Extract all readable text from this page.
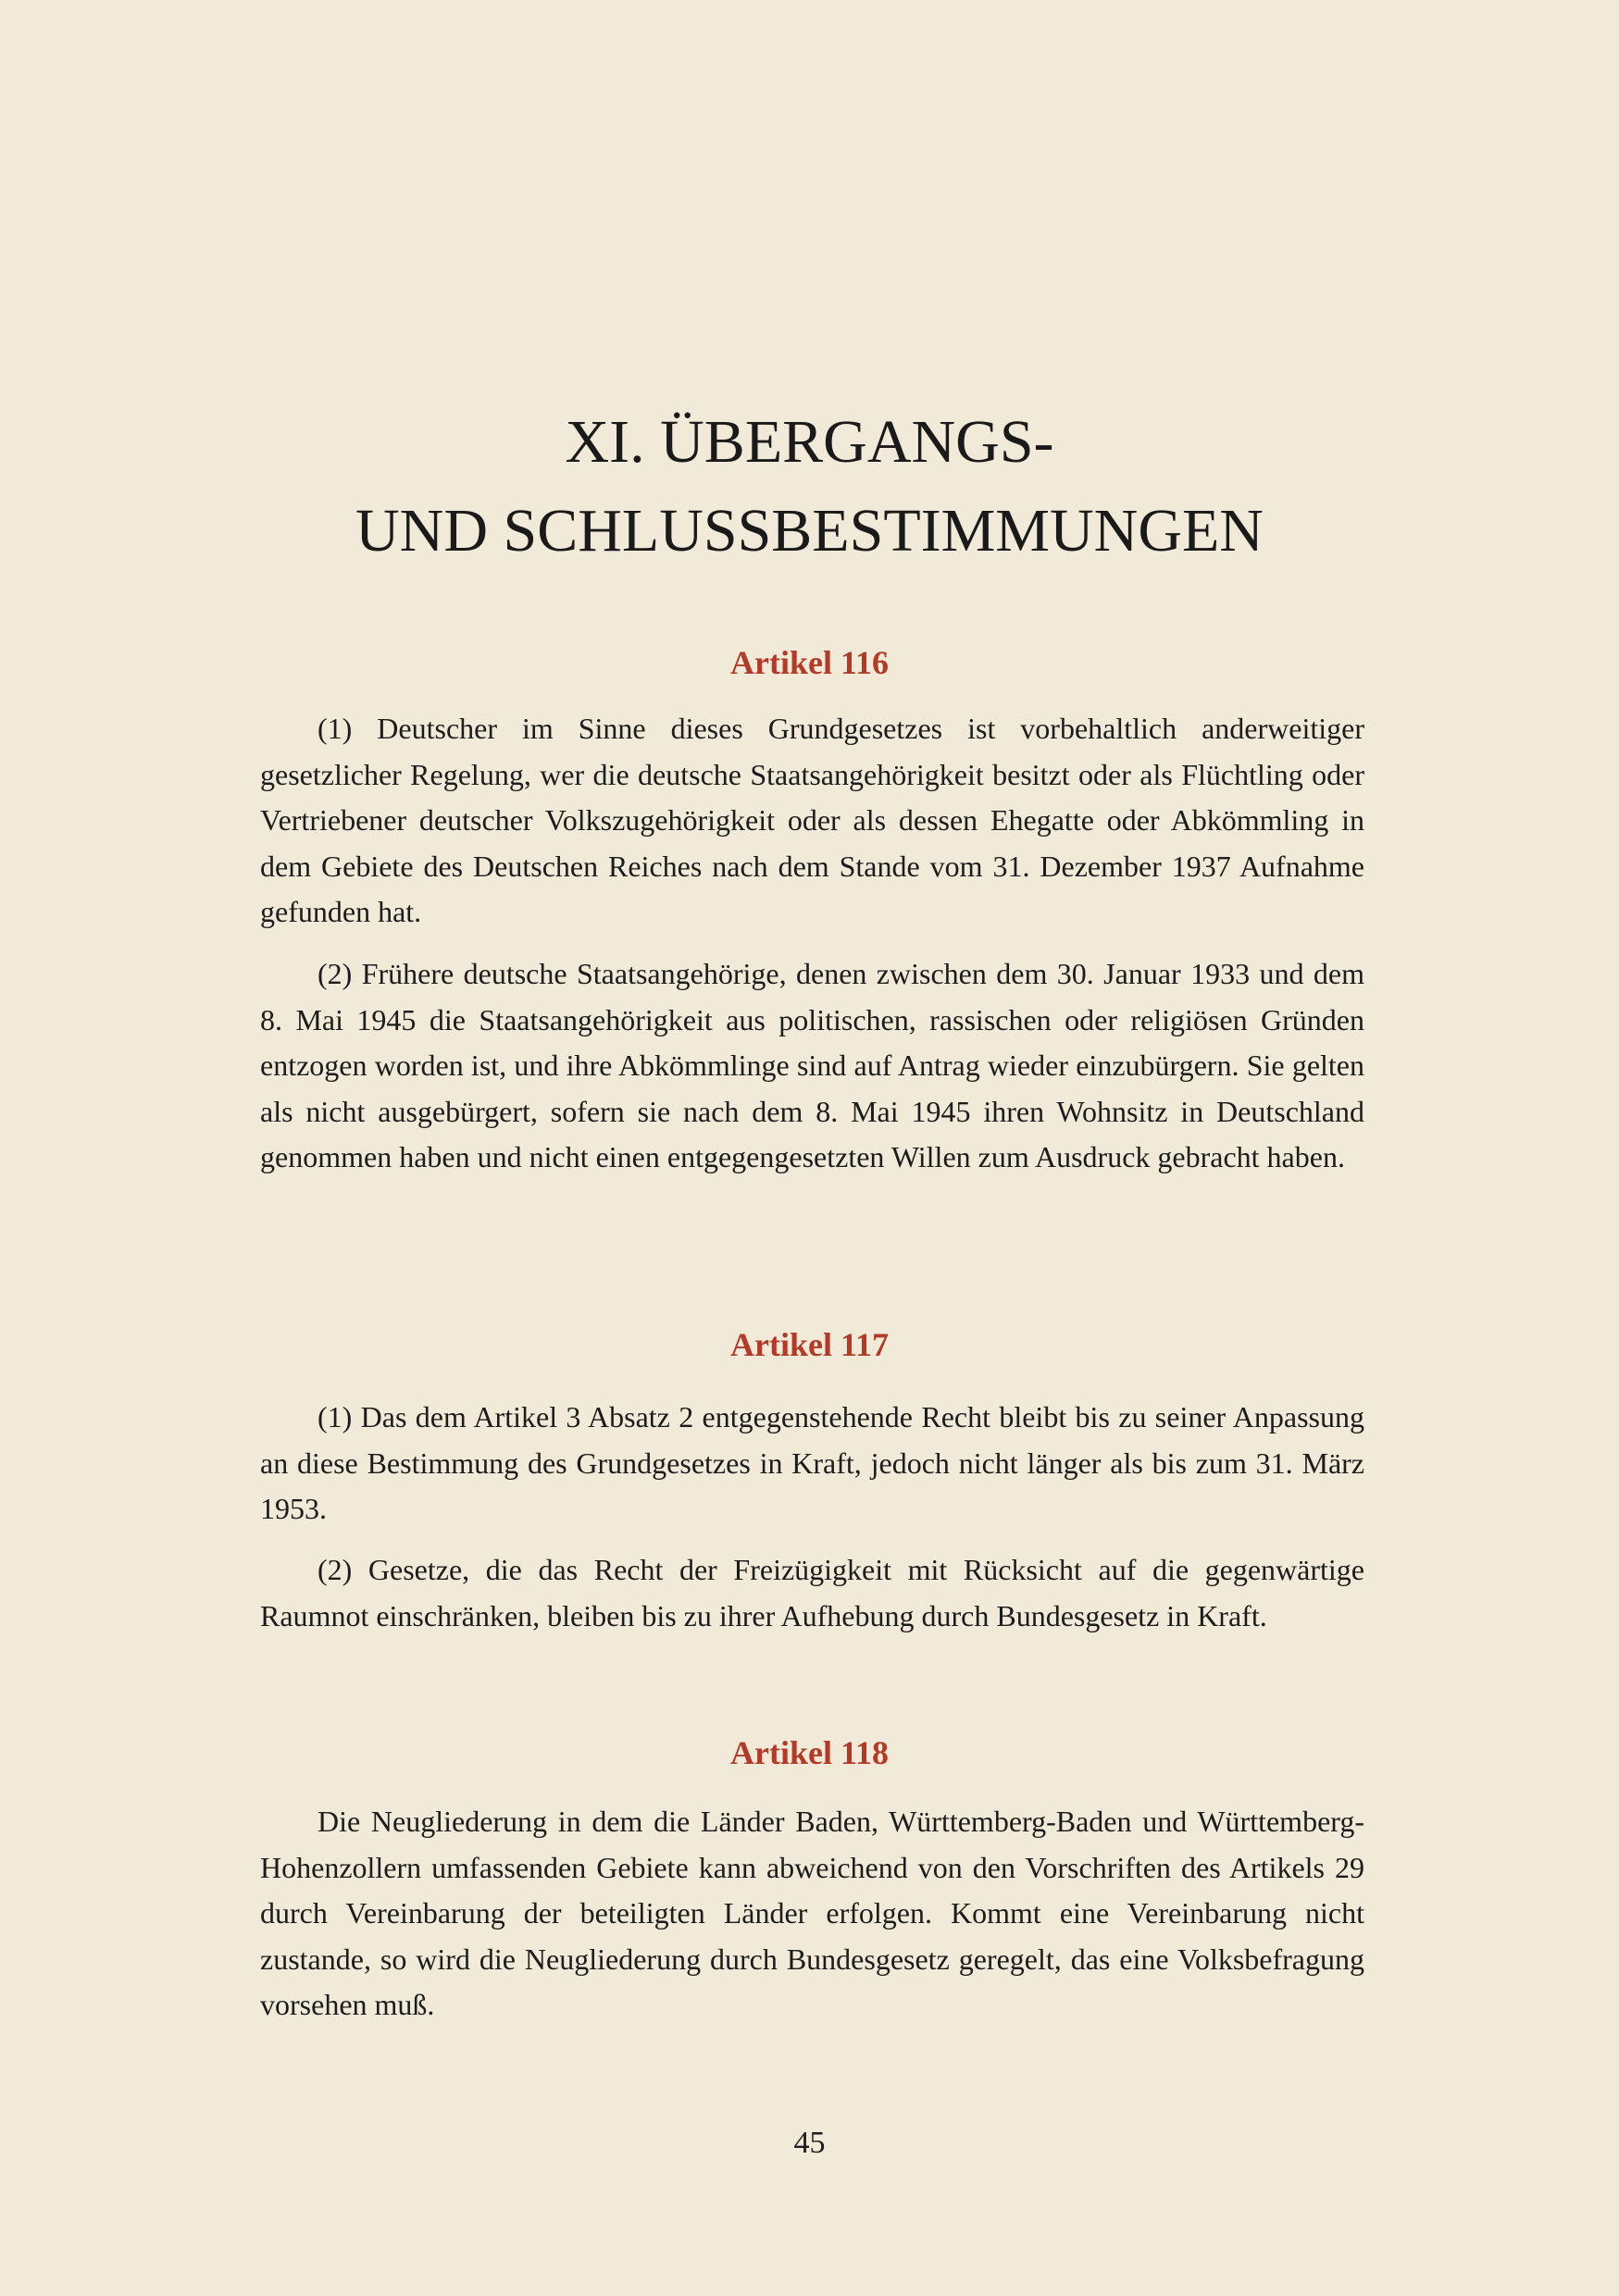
XI. ÜBERGANGS-
UND SCHLUSSBESTIMMUNGEN
Artikel 116

(1) Deutscher im Sinne dieses Grundgesetzes ist vorbehaltlich anderweitiger gesetzlicher Regelung, wer die deutsche Staatsangehörigkeit besitzt oder als Flüchtling oder Vertriebener deutscher Volkszugehörigkeit oder als dessen Ehegatte oder Abkömmling in dem Gebiete des Deutschen Reiches nach dem Stande vom 31. Dezember 1937 Aufnahme gefunden hat.

(2) Frühere deutsche Staatsangehörige, denen zwischen dem 30. Januar 1933 und dem 8. Mai 1945 die Staatsangehörigkeit aus politischen, rassischen oder religiösen Gründen entzogen worden ist, und ihre Abkömmlinge sind auf Antrag wieder einzubürgern. Sie gelten als nicht ausgebürgert, sofern sie nach dem 8. Mai 1945 ihren Wohnsitz in Deutschland genommen haben und nicht einen entgegengesetzten Willen zum Ausdruck gebracht haben.

Artikel 117

(1) Das dem Artikel 3 Absatz 2 entgegenstehende Recht bleibt bis zu seiner Anpassung an diese Bestimmung des Grundgesetzes in Kraft, jedoch nicht länger als bis zum 31. März 1953.

(2) Gesetze, die das Recht der Freizügigkeit mit Rücksicht auf die gegenwärtige Raumnot einschränken, bleiben bis zu ihrer Aufhebung durch Bundesgesetz in Kraft.

Artikel 118

Die Neugliederung in dem die Länder Baden, Württemberg-Baden und Württemberg-Hohenzollern umfassenden Gebiete kann abweichend von den Vorschriften des Artikels 29 durch Vereinbarung der beteiligten Länder erfolgen. Kommt eine Vereinbarung nicht zustande, so wird die Neugliederung durch Bundesgesetz geregelt, das eine Volksbefragung vorsehen muß.

45
